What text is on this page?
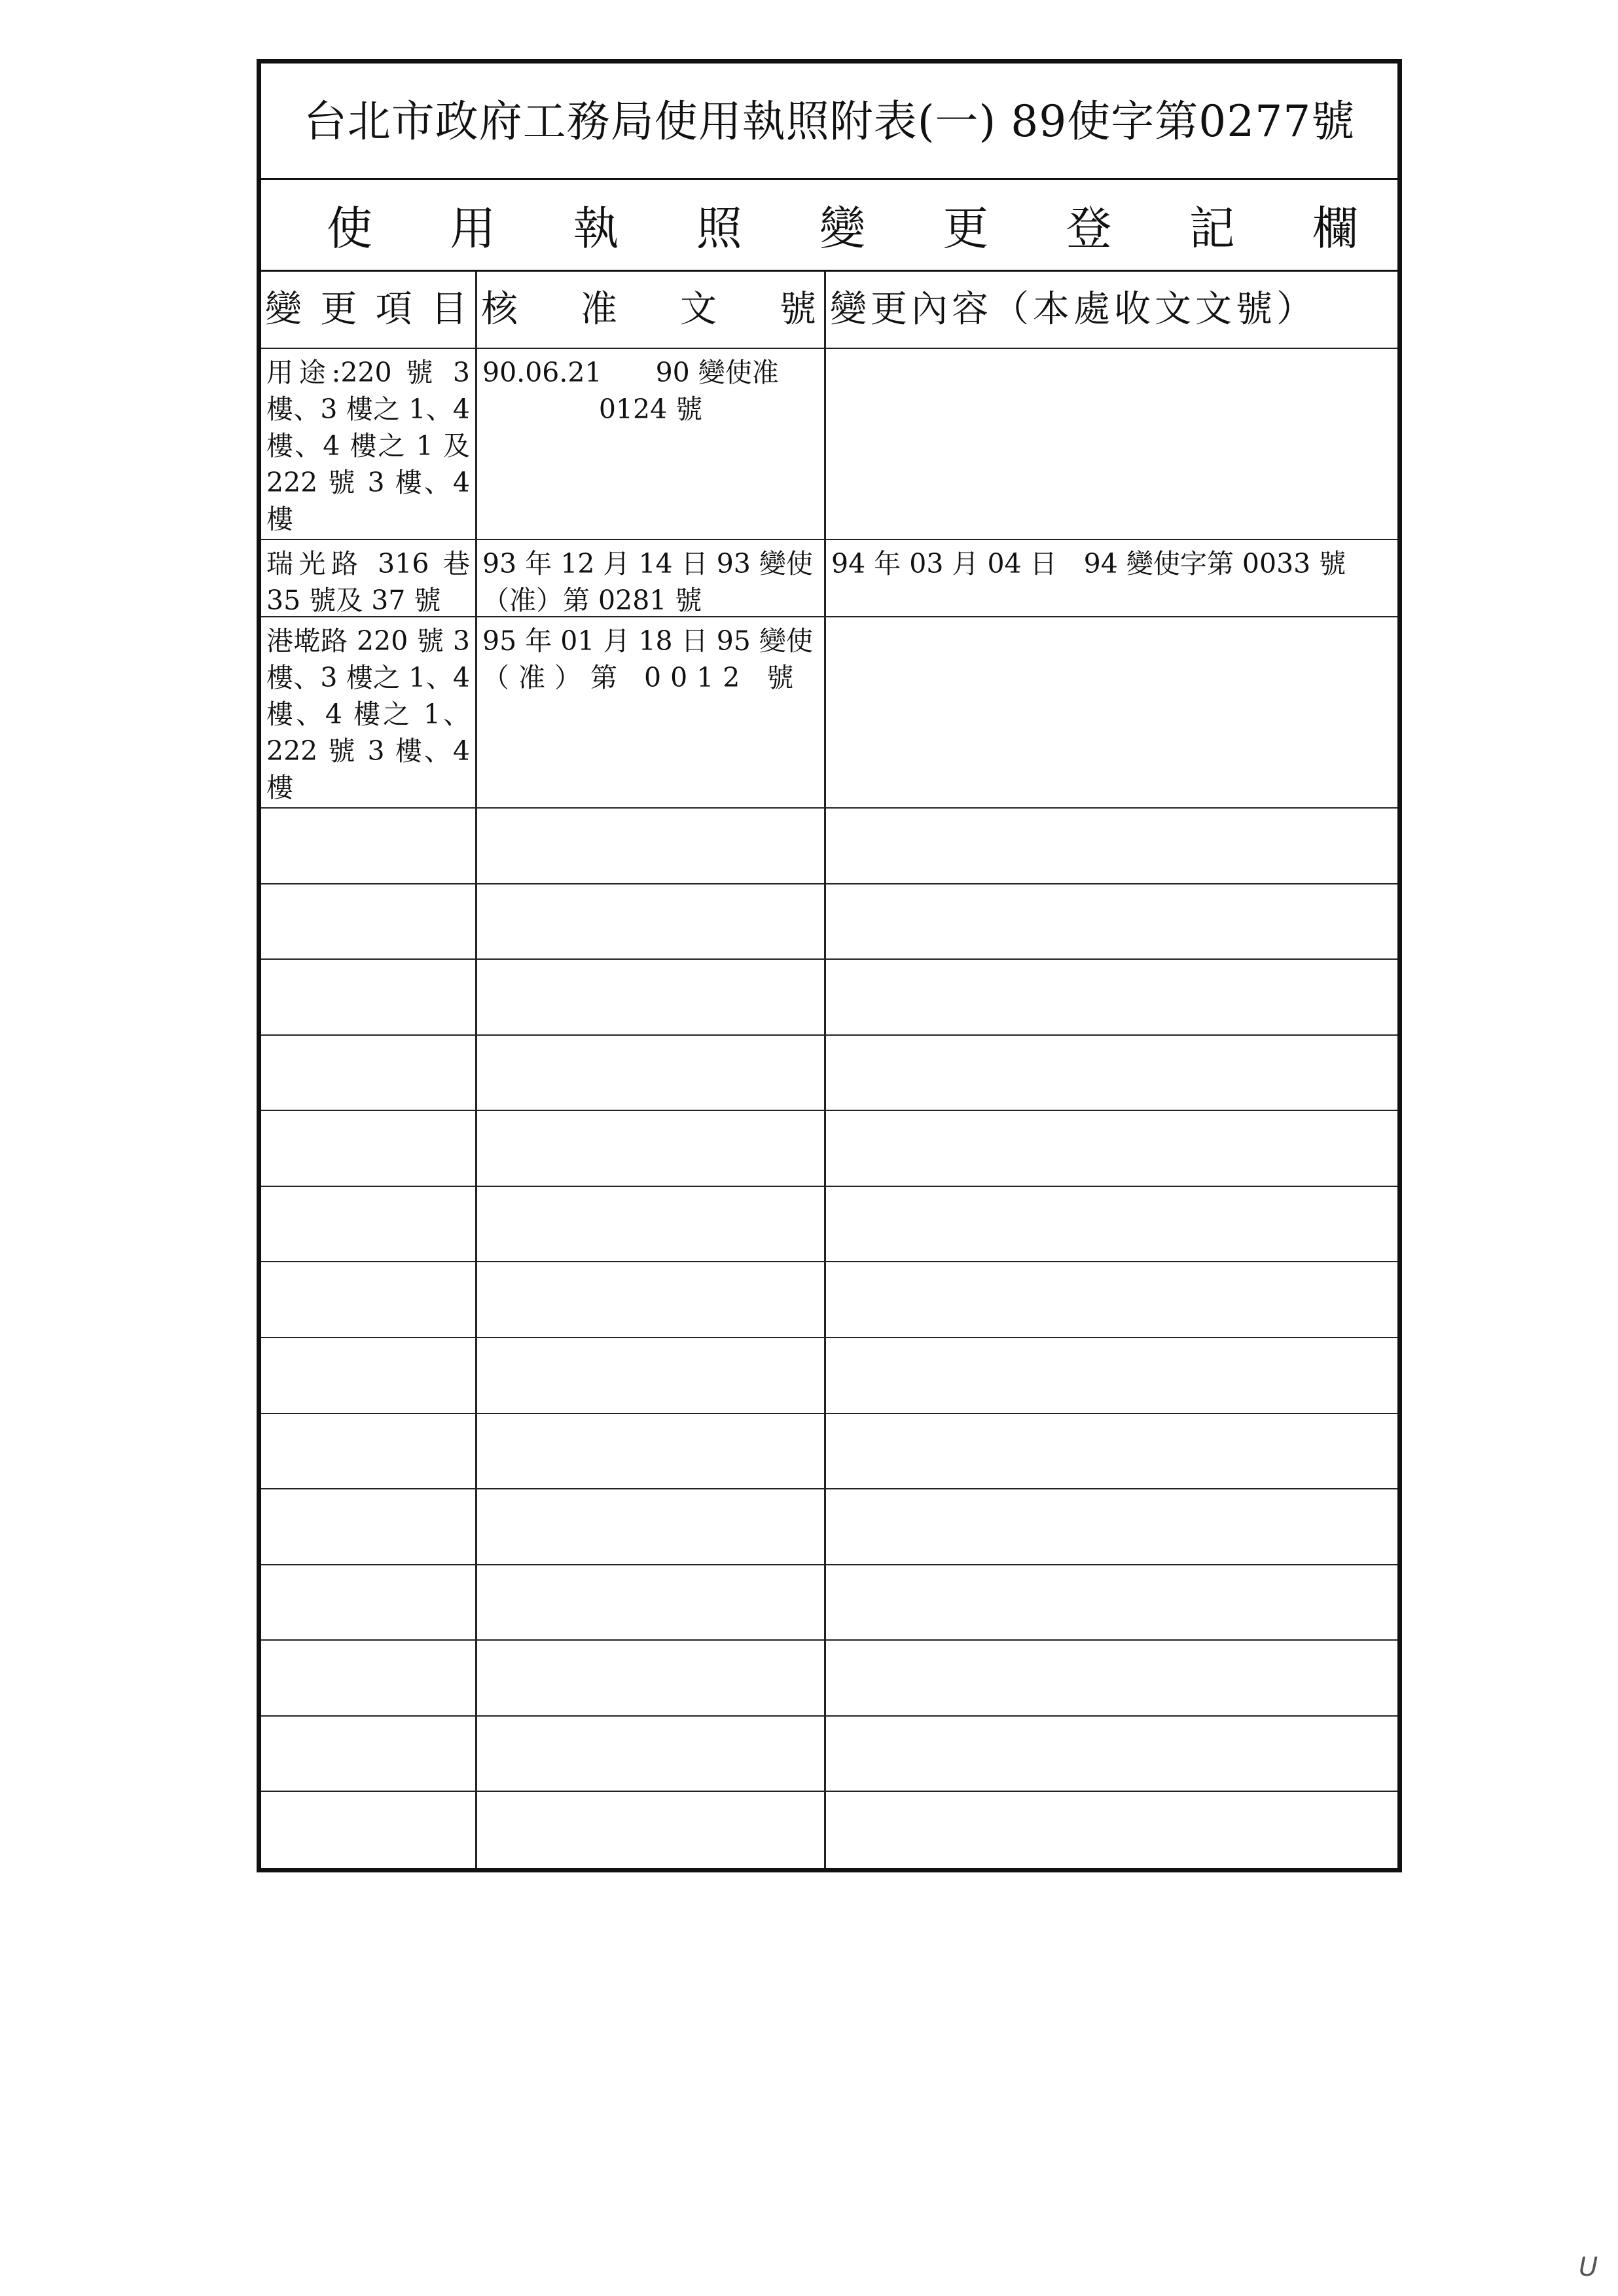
台北市政府工務局使用執照附表(一) 89使字第0277號
使 用 執 照 變 更 登 記 欄
變更項目 核　准　文　號 變更內容（本處收文文號）
用途:220 號 3 樓、3 樓之 1、4 樓、4 樓之 1 及 222 號 3 樓、4 樓
90.06.21　　90 變使准
0124 號
瑞光路 316 巷 35 號及 37 號
93 年 12 月 14 日 93 變使
（准）第 0281 號
94 年 03 月 04 日　94 變使字第 0033 號
港墘路 220 號 3 樓、3 樓之 1、4 樓、4 樓之 1、222 號 3 樓、4 樓
95 年 01 月 18 日 95 變使
（准）第 0012 號
U
